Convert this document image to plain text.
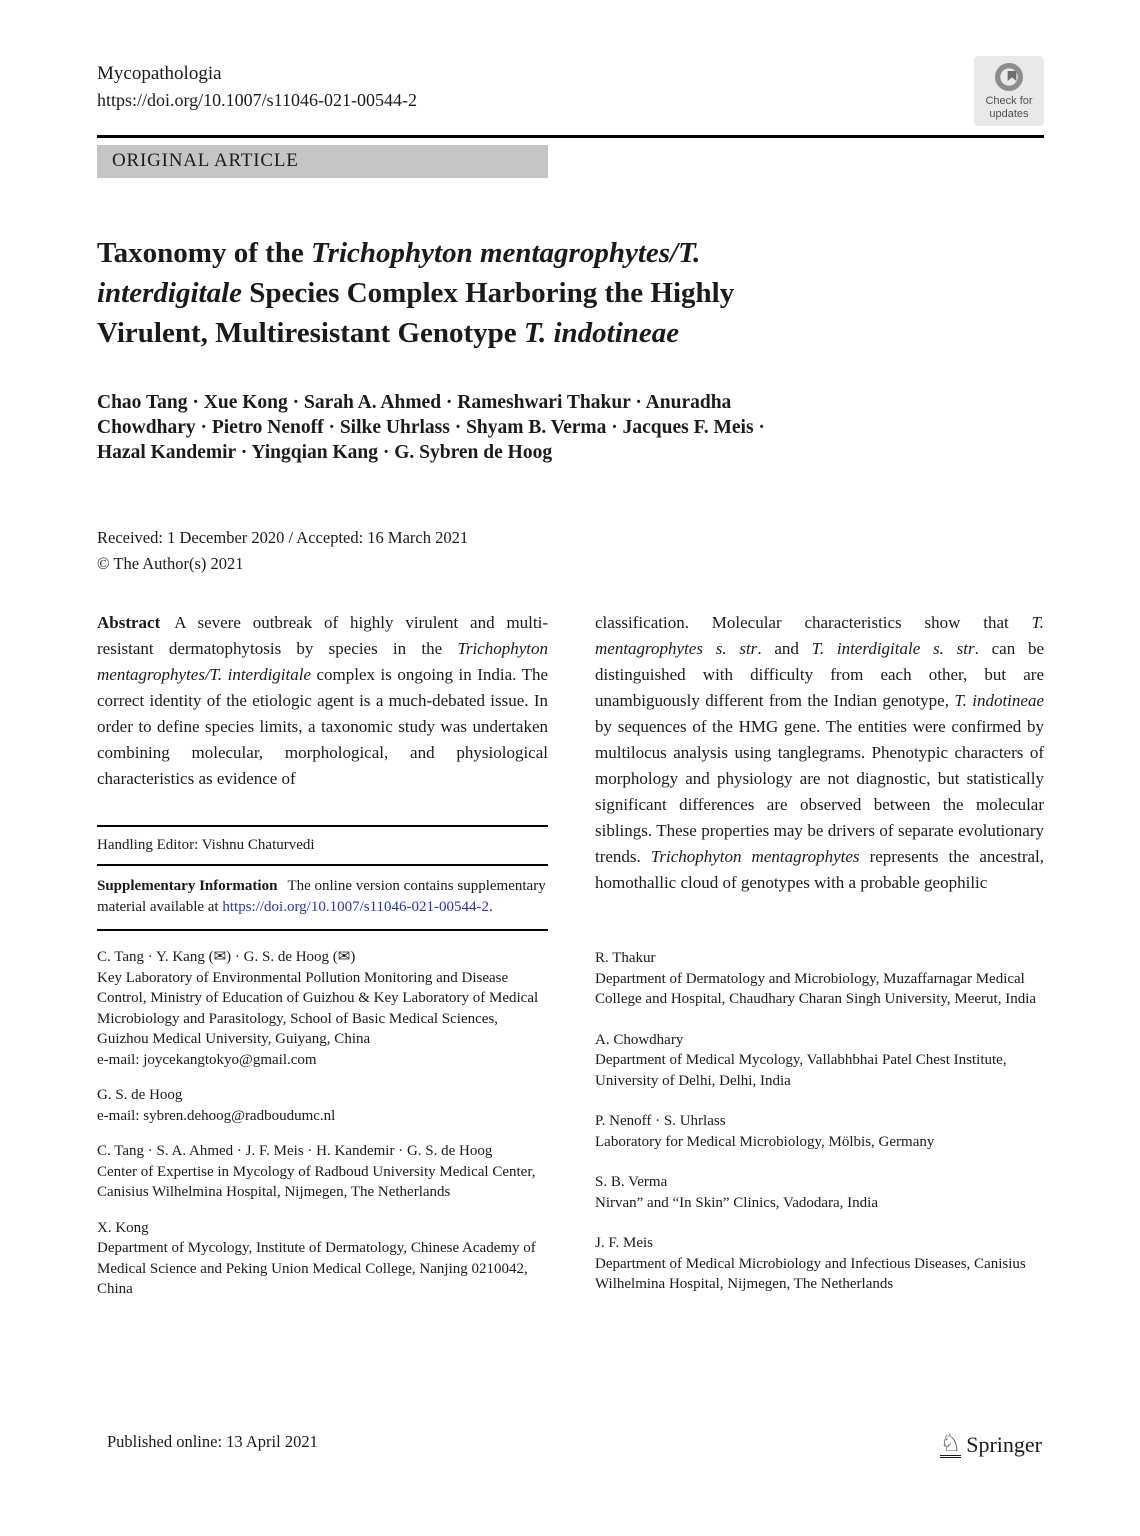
Mycopathologia
https://doi.org/10.1007/s11046-021-00544-2	Check for
updates
ORIGINAL ARTICLE
Taxonomy of the Trichophyton mentagrophytes/T. interdigitale Species Complex Harboring the Highly Virulent, Multiresistant Genotype T. indotineae
Chao Tang · Xue Kong · Sarah A. Ahmed · Rameshwari Thakur · Anuradha Chowdhary · Pietro Nenoff · Silke Uhrlass · Shyam B. Verma · Jacques F. Meis · Hazal Kandemir · Yingqian Kang · G. Sybren de Hoog
Received: 1 December 2020 / Accepted: 16 March 2021
© The Author(s) 2021

Abstract A severe outbreak of highly virulent and multi-resistant dermatophytosis by species in the Trichophyton mentagrophytes/T. interdigitale complex is ongoing in India. The correct identity of the etiologic agent is a much-debated issue. In order to define species limits, a taxonomic study was undertaken combining molecular, morphological, and physiological characteristics as evidence of

Handling Editor: Vishnu Chaturvedi

Supplementary Information The online version contains supplementary material available at https://doi.org/10.1007/s11046-021-00544-2.

C. Tang · Y. Kang (✉) · G. S. de Hoog (✉)
Key Laboratory of Environmental Pollution Monitoring and Disease Control, Ministry of Education of Guizhou & Key Laboratory of Medical Microbiology and Parasitology, School of Basic Medical Sciences, Guizhou Medical University, Guiyang, China
e-mail: joycekangtokyo@gmail.com
G. S. de Hoog
e-mail: sybren.dehoog@radboudumc.nl
C. Tang · S. A. Ahmed · J. F. Meis · H. Kandemir · G. S. de Hoog
Center of Expertise in Mycology of Radboud University Medical Center, Canisius Wilhelmina Hospital, Nijmegen, The Netherlands
X. Kong
Department of Mycology, Institute of Dermatology, Chinese Academy of Medical Science and Peking Union Medical College, Nanjing 0210042, China

classification. Molecular characteristics show that T. mentagrophytes s. str. and T. interdigitale s. str. can be distinguished with difficulty from each other, but are unambiguously different from the Indian genotype, T. indotineae by sequences of the HMG gene. The entities were confirmed by multilocus analysis using tanglegrams. Phenotypic characters of morphology and physiology are not diagnostic, but statistically significant differences are observed between the molecular siblings. These properties may be drivers of separate evolutionary trends. Trichophyton mentagrophytes represents the ancestral, homothallic cloud of genotypes with a probable geophilic

R. Thakur
Department of Dermatology and Microbiology, Muzaffarnagar Medical College and Hospital, Chaudhary Charan Singh University, Meerut, India
A. Chowdhary
Department of Medical Mycology, Vallabhbhai Patel Chest Institute, University of Delhi, Delhi, India
P. Nenoff · S. Uhrlass
Laboratory for Medical Microbiology, Mölbis, Germany
S. B. Verma
Nirvan” and “In Skin” Clinics, Vadodara, India
J. F. Meis
Department of Medical Microbiology and Infectious Diseases, Canisius Wilhelmina Hospital, Nijmegen, The Netherlands
Published online: 13 April 2021	♘ Springer
